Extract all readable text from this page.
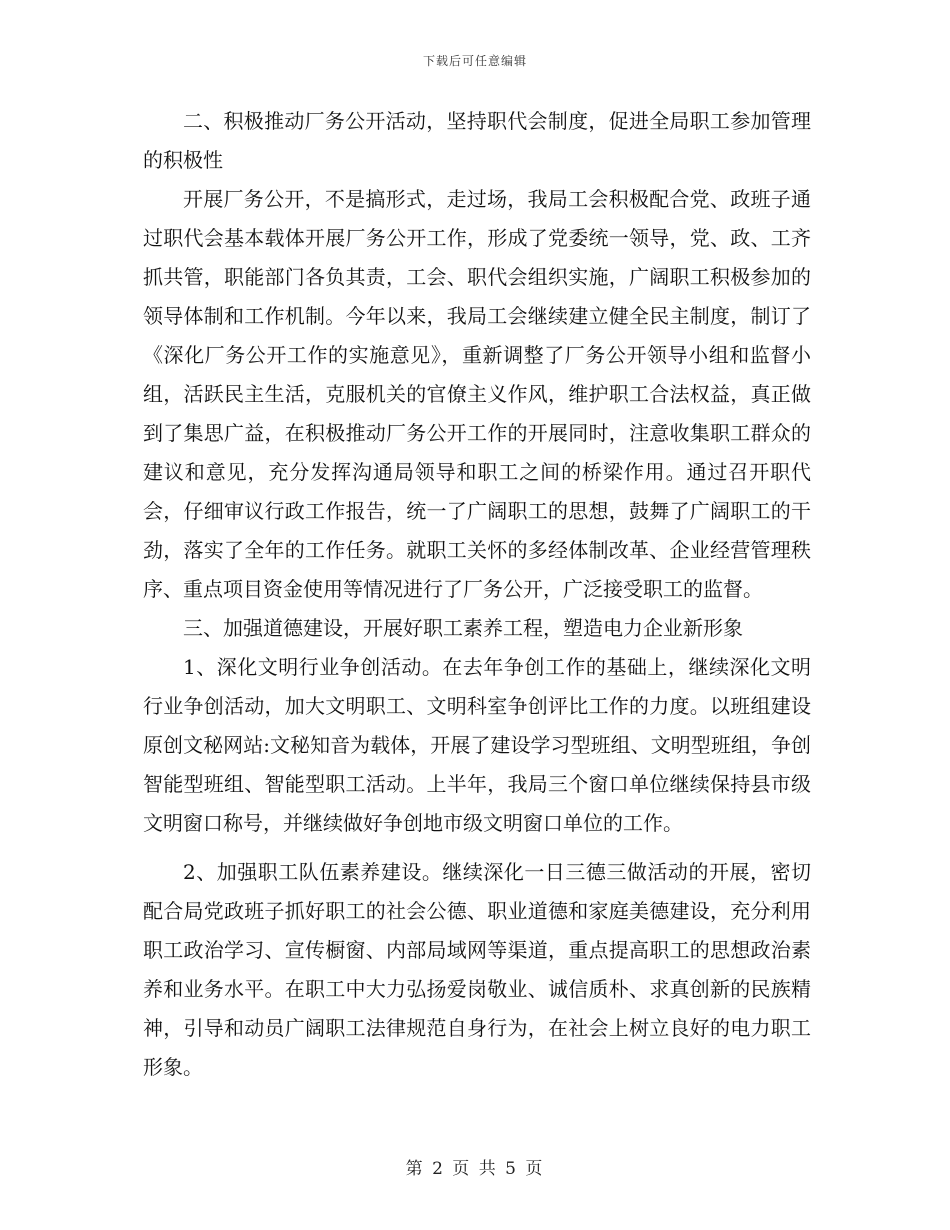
下载后可任意编辑

二、积极推动厂务公开活动，坚持职代会制度，促进全局职工参加管理的积极性

开展厂务公开，不是搞形式，走过场，我局工会积极配合党、政班子通过职代会基本载体开展厂务公开工作，形成了党委统一领导，党、政、工齐抓共管，职能部门各负其责，工会、职代会组织实施，广阔职工积极参加的领导体制和工作机制。今年以来，我局工会继续建立健全民主制度，制订了《深化厂务公开工作的实施意见》，重新调整了厂务公开领导小组和监督小组，活跃民主生活，克服机关的官僚主义作风，维护职工合法权益，真正做到了集思广益，在积极推动厂务公开工作的开展同时，注意收集职工群众的建议和意见，充分发挥沟通局领导和职工之间的桥梁作用。通过召开职代会，仔细审议行政工作报告，统一了广阔职工的思想，鼓舞了广阔职工的干劲，落实了全年的工作任务。就职工关怀的多经体制改革、企业经营管理秩序、重点项目资金使用等情况进行了厂务公开，广泛接受职工的监督。

三、加强道德建设，开展好职工素养工程，塑造电力企业新形象

1、深化文明行业争创活动。在去年争创工作的基础上，继续深化文明行业争创活动，加大文明职工、文明科室争创评比工作的力度。以班组建设原创文秘网站:文秘知音为载体，开展了建设学习型班组、文明型班组，争创智能型班组、智能型职工活动。上半年，我局三个窗口单位继续保持县市级文明窗口称号，并继续做好争创地市级文明窗口单位的工作。

2、加强职工队伍素养建设。继续深化一日三德三做活动的开展，密切配合局党政班子抓好职工的社会公德、职业道德和家庭美德建设，充分利用职工政治学习、宣传橱窗、内部局域网等渠道，重点提高职工的思想政治素养和业务水平。在职工中大力弘扬爱岗敬业、诚信质朴、求真创新的民族精神，引导和动员广阔职工法律规范自身行为，在社会上树立良好的电力职工形象。

第 2 页 共 5 页
